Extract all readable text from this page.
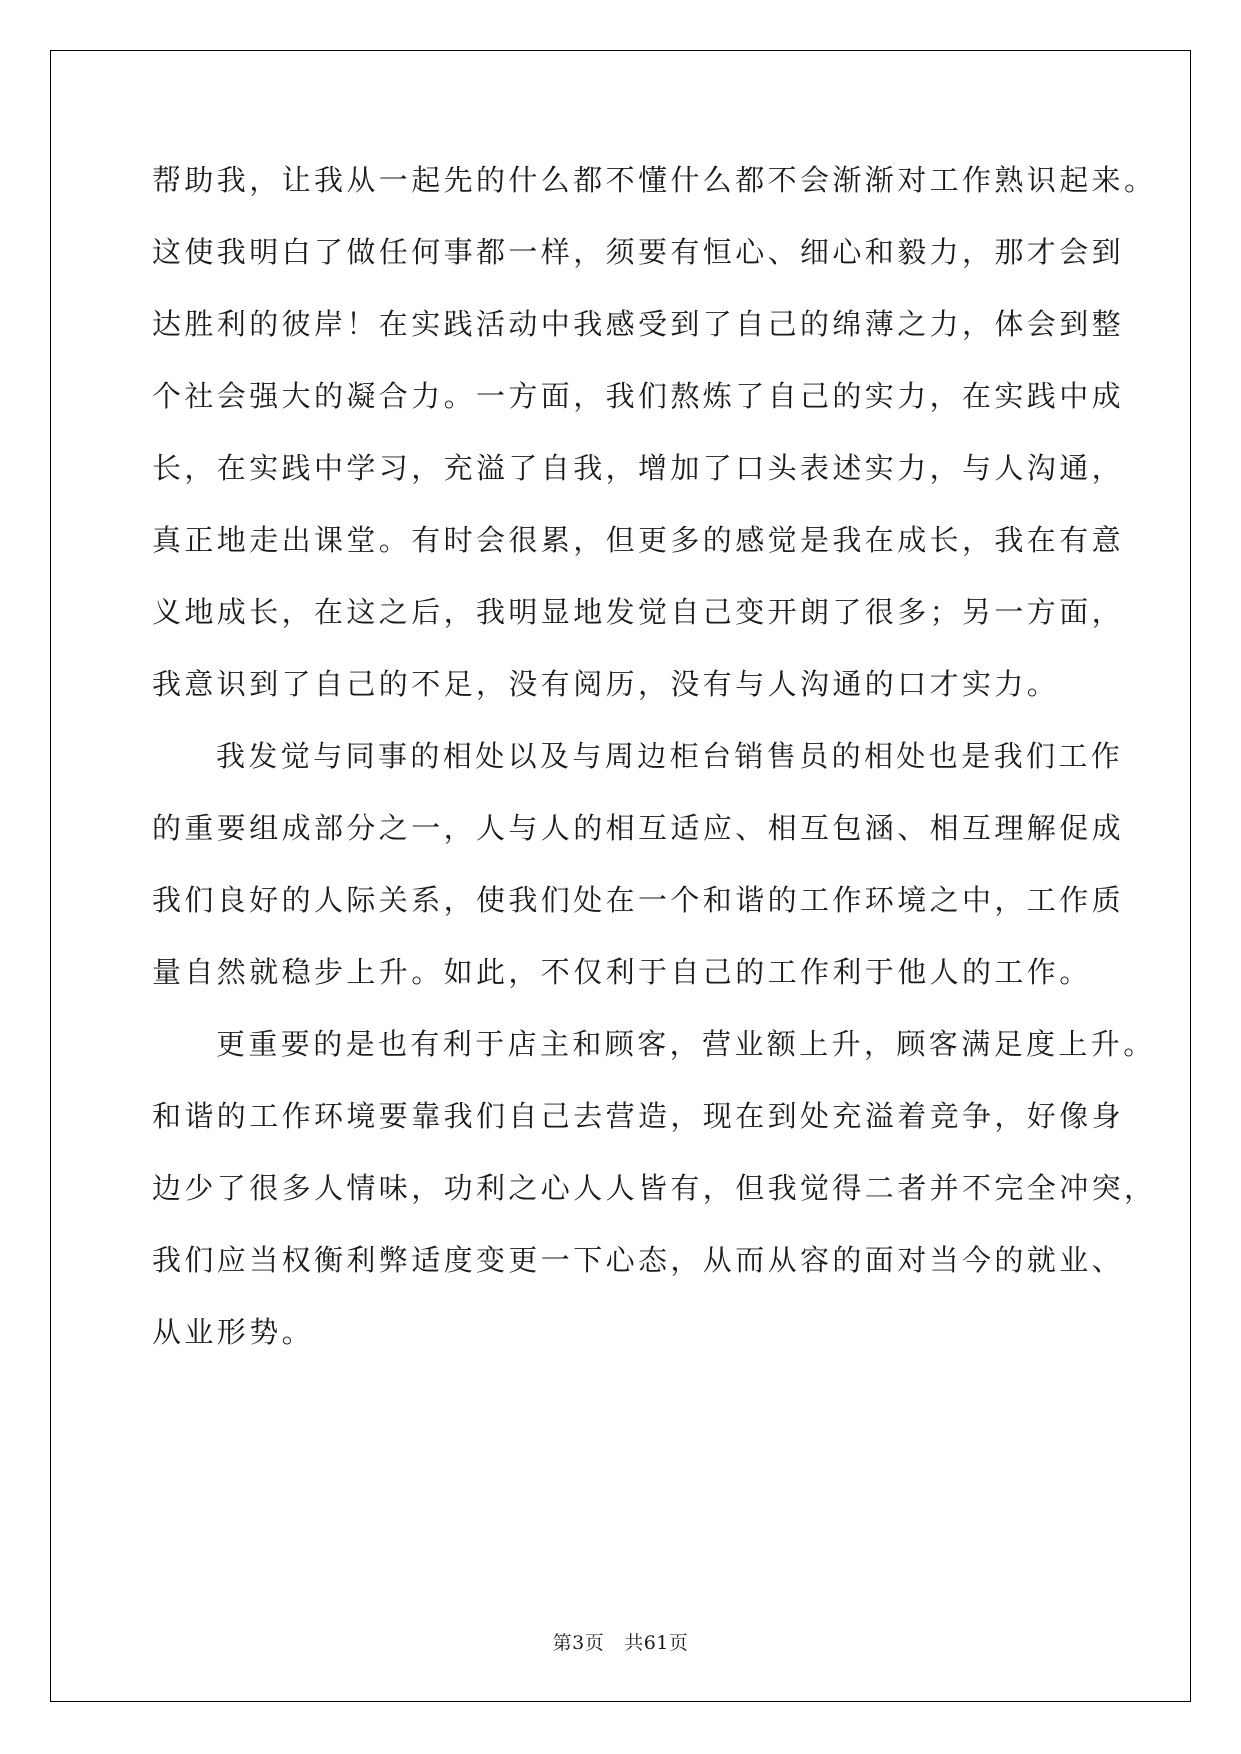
帮助我，让我从一起先的什么都不懂什么都不会渐渐对工作熟识起来。
这使我明白了做任何事都一样，须要有恒心、细心和毅力，那才会到
达胜利的彼岸！在实践活动中我感受到了自己的绵薄之力，体会到整
个社会强大的凝合力。一方面，我们熬炼了自己的实力，在实践中成
长，在实践中学习，充溢了自我，增加了口头表述实力，与人沟通，
真正地走出课堂。有时会很累，但更多的感觉是我在成长，我在有意
义地成长，在这之后，我明显地发觉自己变开朗了很多；另一方面，
我意识到了自己的不足，没有阅历，没有与人沟通的口才实力。
我发觉与同事的相处以及与周边柜台销售员的相处也是我们工作
的重要组成部分之一，人与人的相互适应、相互包涵、相互理解促成
我们良好的人际关系，使我们处在一个和谐的工作环境之中，工作质
量自然就稳步上升。如此，不仅利于自己的工作利于他人的工作。
更重要的是也有利于店主和顾客，营业额上升，顾客满足度上升。
和谐的工作环境要靠我们自己去营造，现在到处充溢着竞争，好像身
边少了很多人情味，功利之心人人皆有，但我觉得二者并不完全冲突，
我们应当权衡利弊适度变更一下心态，从而从容的面对当今的就业、
从业形势。
第3页 共61页
